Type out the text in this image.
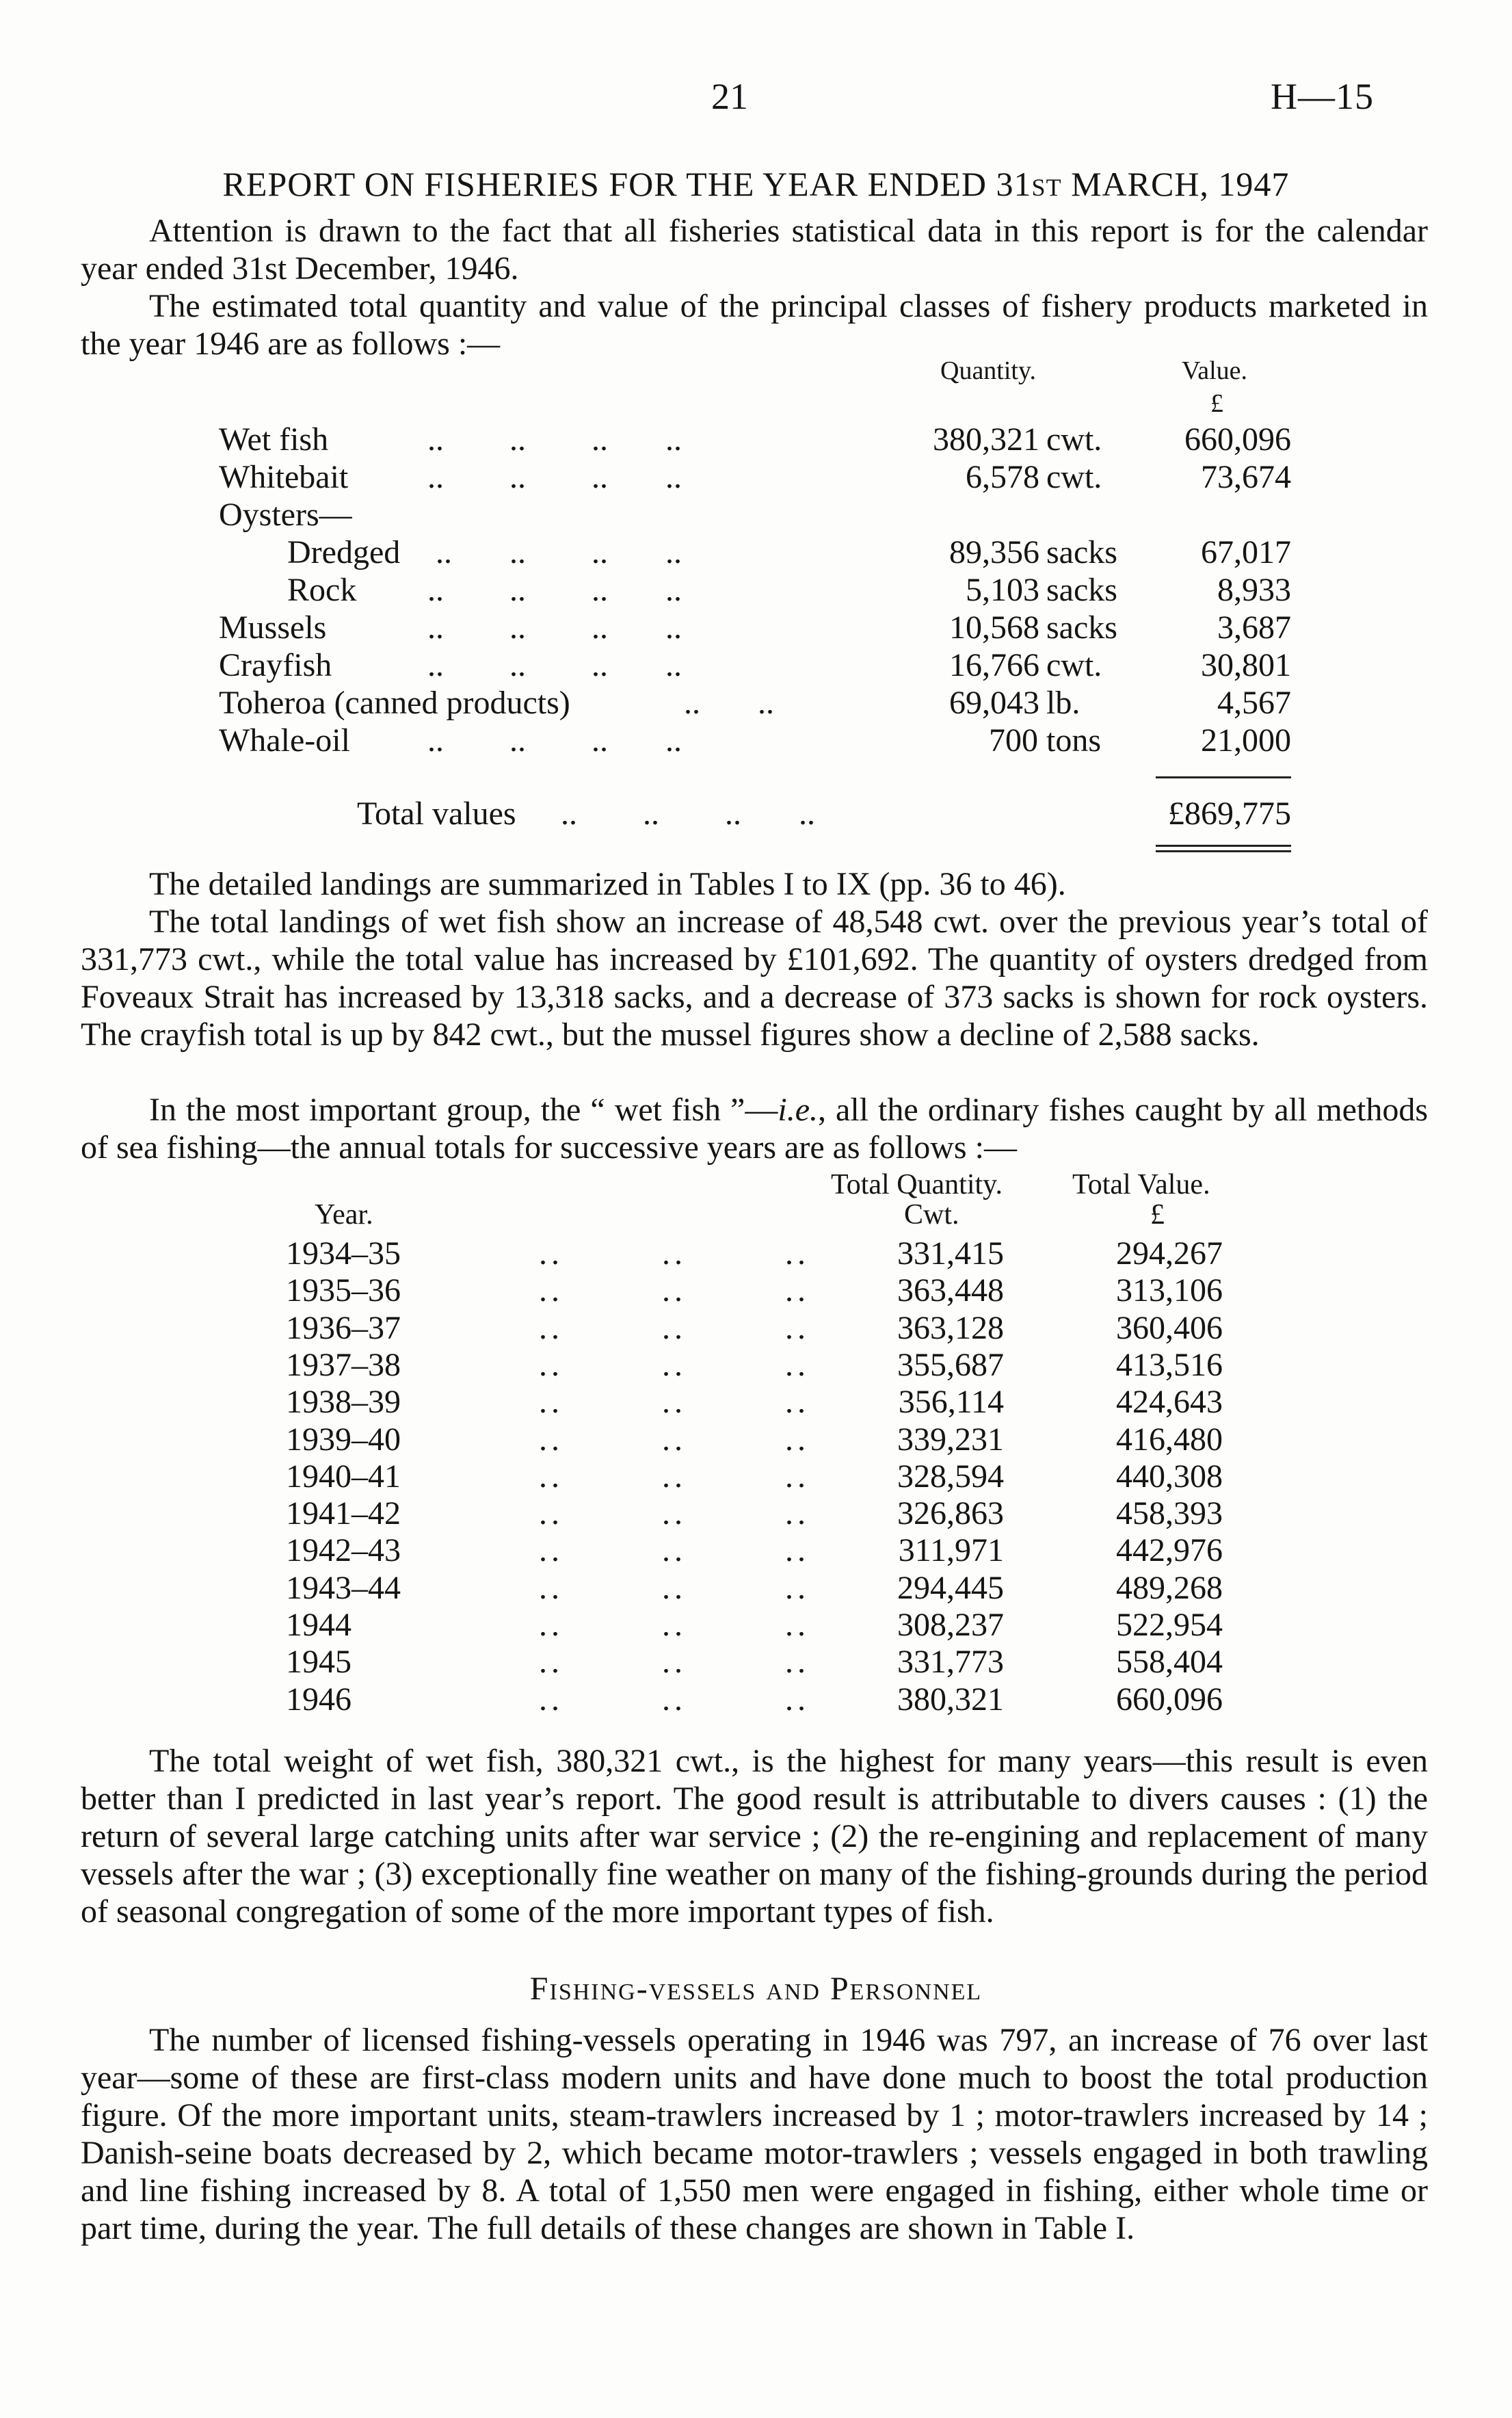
21	H—15
REPORT ON FISHERIES FOR THE YEAR ENDED 31ST MARCH, 1947

Attention is drawn to the fact that all fisheries statistical data in this report is for the calendar year ended 31st December, 1946.

The estimated total quantity and value of the principal classes of fishery products marketed in the year 1946 are as follows :—

Quantity.	Value.
£
Wet fish	..        ..        ..       ..	380,321 cwt.	660,096
Whitebait ..        ..        ..       ..	6,578 cwt.	73,674
Oysters—
Dredged ..       ..        ..       ..	89,356 sacks	67,017
Rock ..        ..        ..       ..	5,103 sacks	8,933
Mussels	..        ..        ..       ..	10,568 sacks	3,687
Crayfish	..        ..        ..       ..	16,766 cwt.	30,801
Toheroa (canned products)	..       ..	69,043 lb.	4,567
Whale-oil ..        ..        ..       ..	700 tons	21,000
Total values ..        ..        ..       ..	£869,775

The detailed landings are summarized in Tables I to IX (pp. 36 to 46).

The total landings of wet fish show an increase of 48,548 cwt. over the previous year’s total of 331,773 cwt., while the total value has increased by £101,692. The quantity of oysters dredged from Foveaux Strait has increased by 13,318 sacks, and a decrease of 373 sacks is shown for rock oysters. The crayfish total is up by 842 cwt., but the mussel figures show a decline of 2,588 sacks.

In the most important group, the “ wet fish ”—i.e., all the ordinary fishes caught by all methods of sea fishing—the annual totals for successive years are as follows :—

Total Quantity. Total Value.
Year.	Cwt.	£
1934–35	..        ..        ..	331,415	294,267
1935–36	..        ..        ..	363,448	313,106
1936–37	..        ..        ..	363,128	360,406
1937–38	..        ..        ..	355,687	413,516
1938–39	..        ..        ..	356,114	424,643
1939–40	..        ..        ..	339,231	416,480
1940–41	..        ..        ..	328,594	440,308
1941–42	..        ..        ..	326,863	458,393
1942–43	..        ..        ..	311,971	442,976
1943–44	..        ..        ..	294,445	489,268
1944	..        ..        ..	308,237	522,954
1945	..        ..        ..	331,773	558,404
1946	..        ..        ..	380,321	660,096

The total weight of wet fish, 380,321 cwt., is the highest for many years—this result is even better than I predicted in last year’s report. The good result is attributable to divers causes : (1) the return of several large catching units after war service ; (2) the re-engining and replacement of many vessels after the war ; (3) exceptionally fine weather on many of the fishing-grounds during the period of seasonal congregation of some of the more important types of fish.

Fishing-vessels and Personnel

The number of licensed fishing-vessels operating in 1946 was 797, an increase of 76 over last year—some of these are first-class modern units and have done much to boost the total production figure. Of the more important units, steam-trawlers increased by 1 ; motor-trawlers increased by 14 ; Danish-seine boats decreased by 2, which became motor-trawlers ; vessels engaged in both trawling and line fishing increased by 8. A total of 1,550 men were engaged in fishing, either whole time or part time, during the year. The full details of these changes are shown in Table I.
